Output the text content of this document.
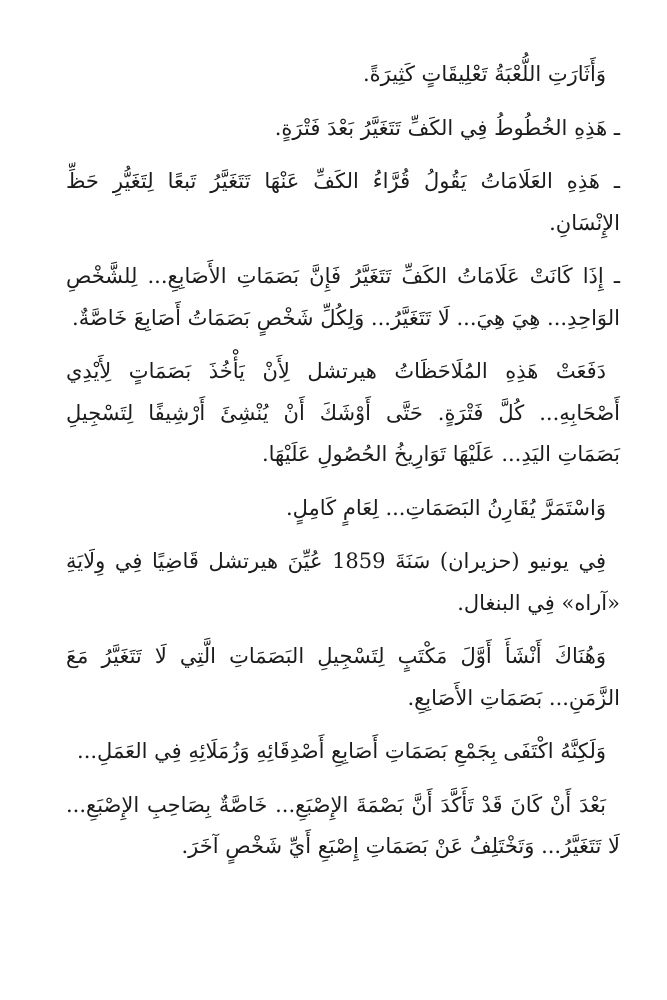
وَأَثَارَتِ اللُّعْبَةُ تَعْلِيقَاتٍ كَثِيرَةً.

ـ هَذِهِ الخُطُوطُ فِي الكَفِّ تَتَغَيَّرُ بَعْدَ فَتْرَةٍ.

ـ هَذِهِ العَلَامَاتُ يَقُولُ قُرَّاءُ الكَفِّ عَنْهَا تَتَغَيَّرُ تَبعًا لِتَغَيُّرِ حَظِّ الإِنْسَانِ.

ـ إِذَا كَانَتْ عَلَامَاتُ الكَفِّ تَتَغَيَّرُ فَإِنَّ بَصَمَاتِ الأَصَابِعِ... لِلشَّخْصِ الوَاحِدِ... هِيَ هِيَ... لَا تَتَغَيَّرُ... وَلِكُلِّ شَخْصٍ بَصَمَاتُ أَصَابِعَ خَاصَّةٌ.

دَفَعَتْ هَذِهِ المُلَاحَظَاتُ هيرتشل لِأَنْ يَأْخُذَ بَصَمَاتٍ لِأَيْدِي أَصْحَابِهِ... كُلَّ فَتْرَةٍ. حَتَّى أَوْشَكَ أَنْ يُنْشِئَ أَرْشِيفًا لِتَسْجِيلِ بَصَمَاتِ اليَدِ... عَلَيْهَا تَوَارِيخُ الحُصُولِ عَلَيْهَا.

وَاسْتَمَرَّ يُقَارِنُ البَصَمَاتِ... لِعَامٍ كَامِلٍ.

فِي يونيو (حزيران) سَنَةَ 1859 عُيِّنَ هيرتشل قَاضِيًا فِي وِلَايَةِ «آراه» فِي البنغال.

وَهُنَاكَ أَنْشَأَ أَوَّلَ مَكْتَبٍ لِتَسْجِيلِ البَصَمَاتِ الَّتِي لَا تَتَغَيَّرُ مَعَ الزَّمَنِ... بَصَمَاتِ الأَصَابِعِ.

وَلَكِنَّهُ اكْتَفَى بِجَمْعِ بَصَمَاتِ أَصَابِعِ أَصْدِقَائِهِ وَزُمَلَائِهِ فِي العَمَلِ...

بَعْدَ أَنْ كَانَ قَدْ تَأَكَّدَ أَنَّ بَصْمَةَ الإِصْبَعِ... خَاصَّةٌ بِصَاحِبِ الإِصْبَعِ... لَا تَتَغَيَّرُ... وَتَخْتَلِفُ عَنْ بَصَمَاتِ إِصْبَعِ أَيِّ شَخْصٍ آخَرَ.
